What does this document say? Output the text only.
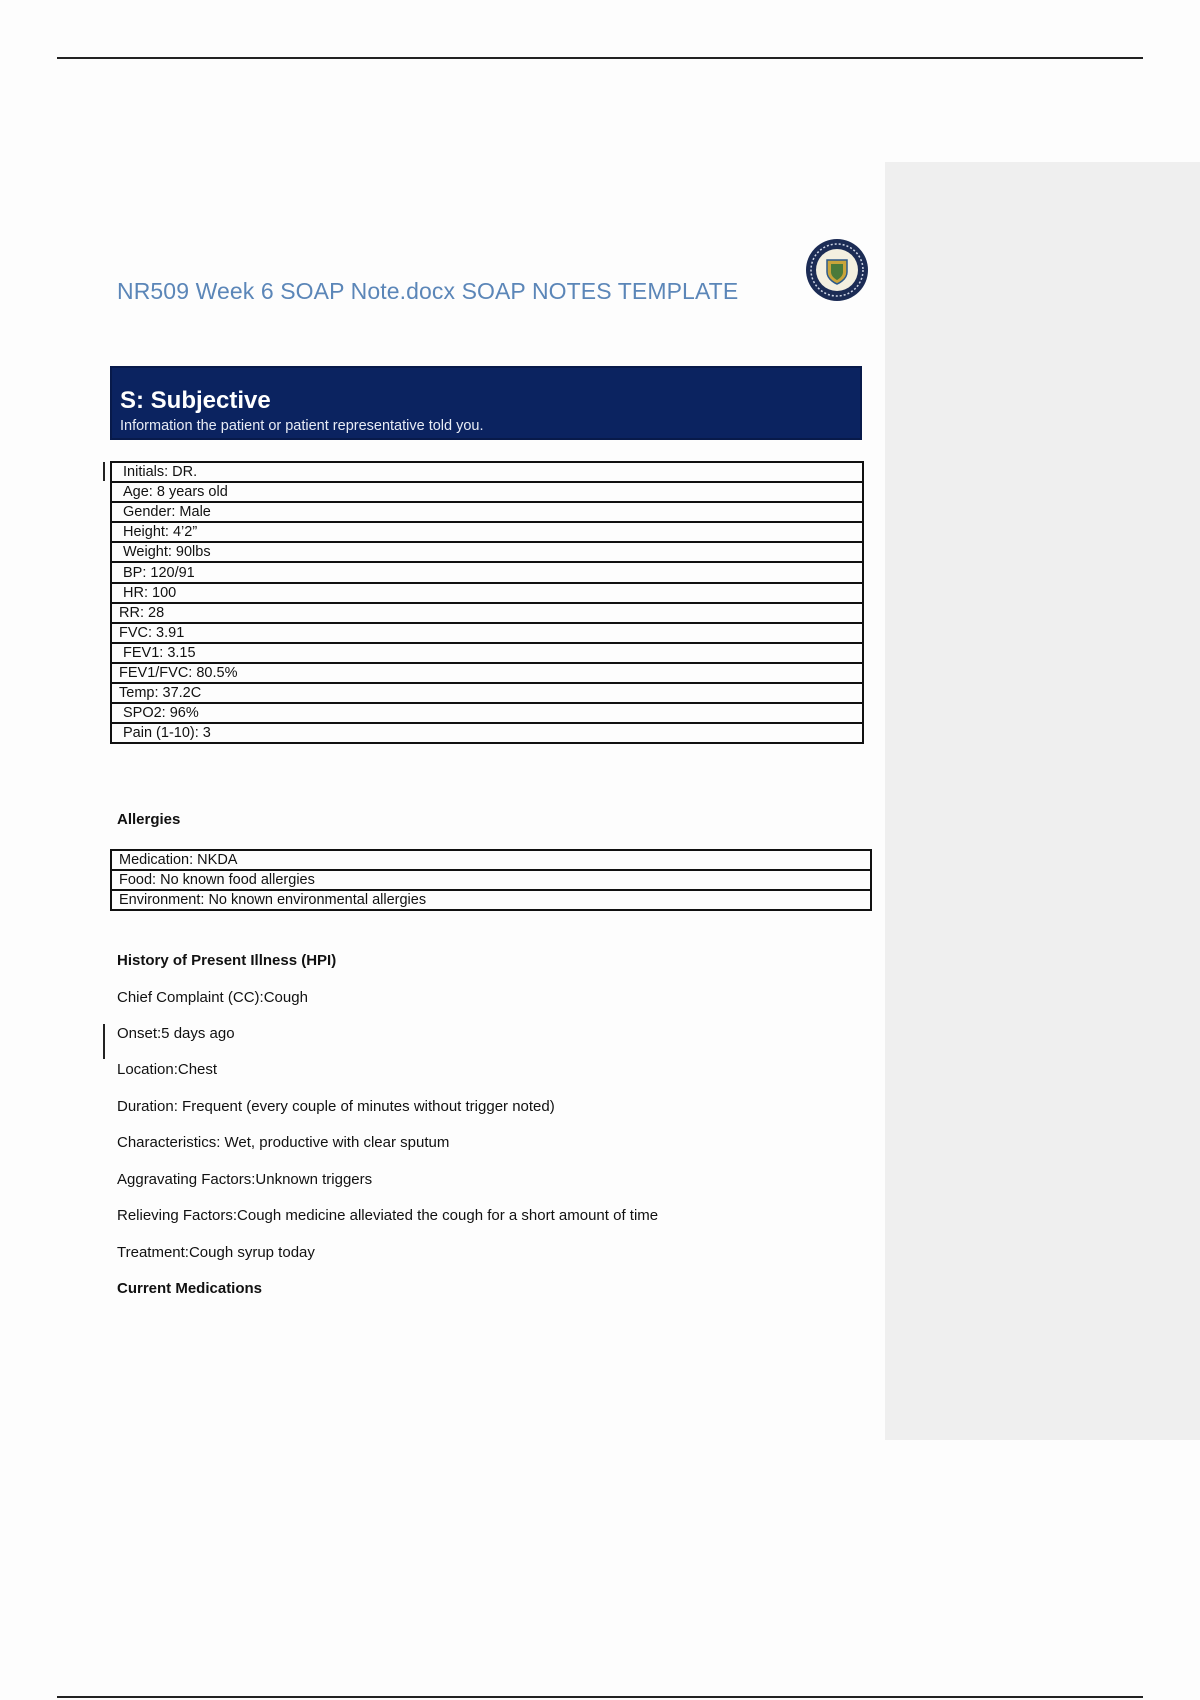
NR509 Week 6 SOAP Note.docx SOAP NOTES TEMPLATE
S: Subjective
Information the patient or patient representative told you.
Initials: DR.
Age: 8 years old
Gender: Male
Height: 4’2”
Weight: 90lbs
BP: 120/91
HR: 100
RR: 28
FVC: 3.91
FEV1: 3.15
FEV1/FVC: 80.5%
Temp: 37.2C
SPO2: 96%
Pain (1-10): 3
Allergies
Medication: NKDA
Food: No known food allergies
Environment: No known environmental allergies
History of Present Illness (HPI)
Chief Complaint (CC):Cough
Onset:5 days ago
Location:Chest
Duration: Frequent (every couple of minutes without trigger noted)
Characteristics: Wet, productive with clear sputum
Aggravating Factors:Unknown triggers
Relieving Factors:Cough medicine alleviated the cough for a short amount of time
Treatment:Cough syrup today
Current Medications
